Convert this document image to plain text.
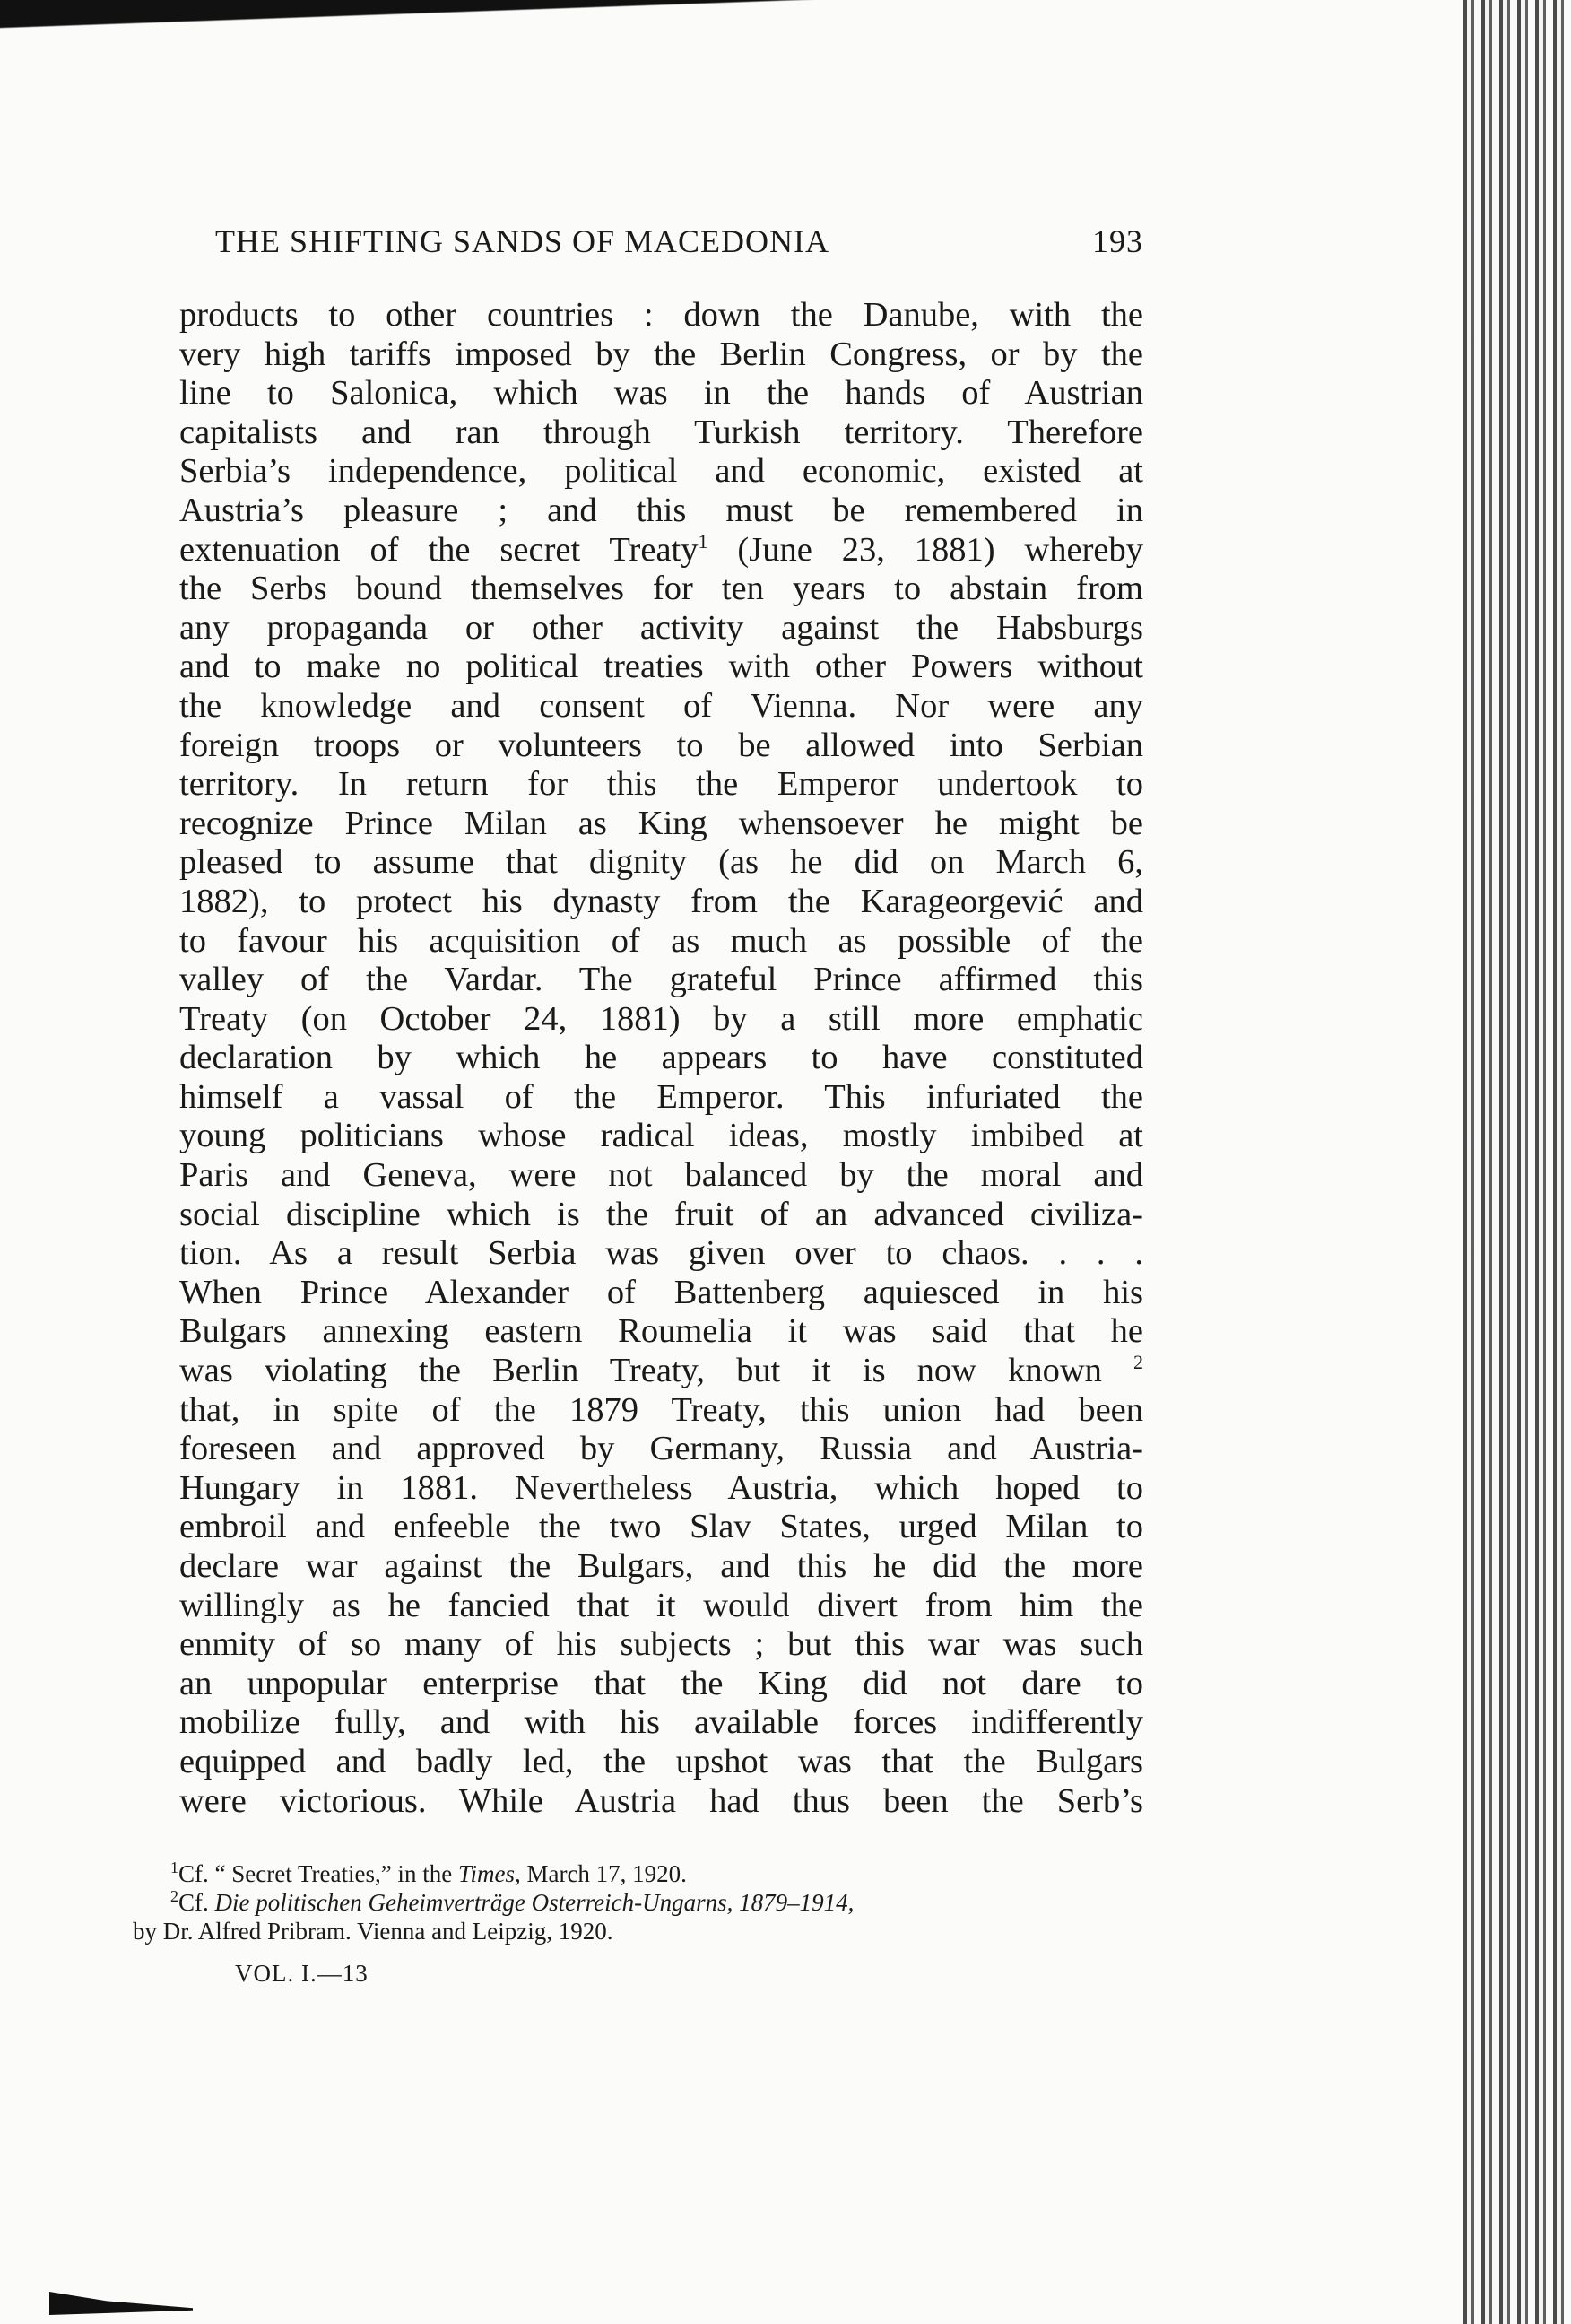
THE SHIFTING SANDS OF MACEDONIA	193
products to other countries : down the Danube, with the
very high tariffs imposed by the Berlin Congress, or by the
line to Salonica, which was in the hands of Austrian
capitalists and ran through Turkish territory. Therefore
Serbia’s independence, political and economic, existed at
Austria’s pleasure ; and this must be remembered in
extenuation of the secret Treaty$^1$ (June 23, 1881) whereby
the Serbs bound themselves for ten years to abstain from
any propaganda or other activity against the Habsburgs
and to make no political treaties with other Powers without
the knowledge and consent of Vienna. Nor were any
foreign troops or volunteers to be allowed into Serbian
territory. In return for this the Emperor undertook to
recognize Prince Milan as King whensoever he might be
pleased to assume that dignity (as he did on March 6,
1882), to protect his dynasty from the Karageorgević and
to favour his acquisition of as much as possible of the
valley of the Vardar. The grateful Prince affirmed this
Treaty (on October 24, 1881) by a still more emphatic
declaration by which he appears to have constituted
himself a vassal of the Emperor. This infuriated the
young politicians whose radical ideas, mostly imbibed at
Paris and Geneva, were not balanced by the moral and
social discipline which is the fruit of an advanced civiliza-
tion. As a result Serbia was given over to chaos. . . .
When Prince Alexander of Battenberg aquiesced in his
Bulgars annexing eastern Roumelia it was said that he
was violating the Berlin Treaty, but it is now known $^2$
that, in spite of the 1879 Treaty, this union had been
foreseen and approved by Germany, Russia and Austria-
Hungary in 1881. Nevertheless Austria, which hoped to
embroil and enfeeble the two Slav States, urged Milan to
declare war against the Bulgars, and this he did the more
willingly as he fancied that it would divert from him the
enmity of so many of his subjects ; but this war was such
an unpopular enterprise that the King did not dare to
mobilize fully, and with his available forces indifferently
equipped and badly led, the upshot was that the Bulgars
were victorious. While Austria had thus been the Serb’s
$^1$Cf. “ Secret Treaties,” in the Times, March 17, 1920.
$^2$Cf. Die politischen Geheimverträge Osterreich-Ungarns, 1879–1914,
by Dr. Alfred Pribram. Vienna and Leipzig, 1920.
VOL. I.—13
